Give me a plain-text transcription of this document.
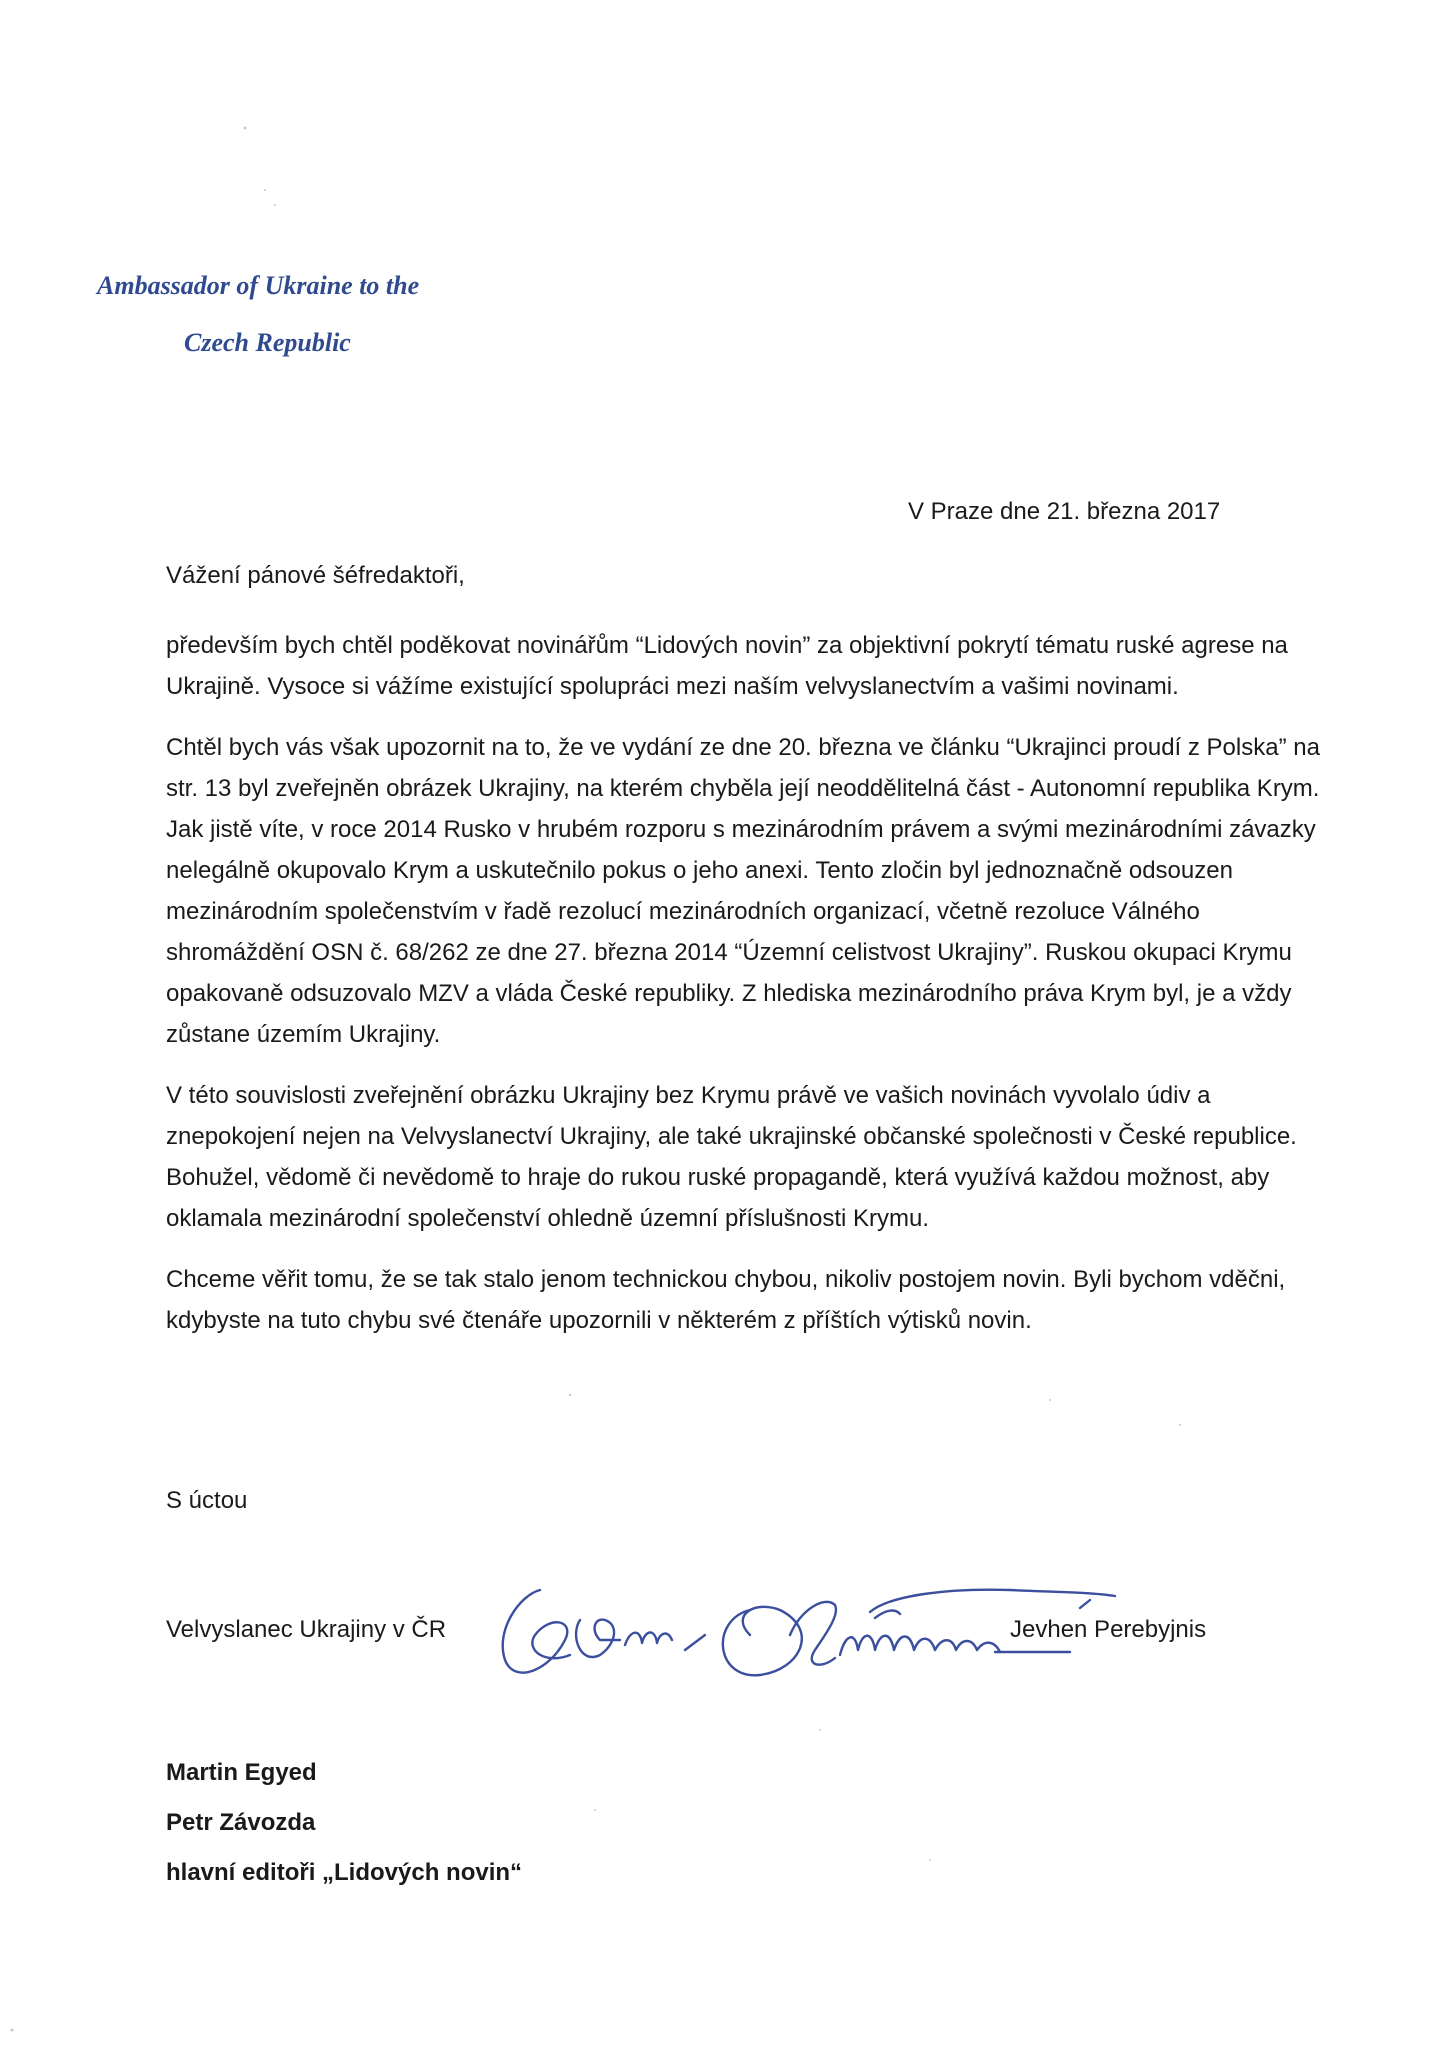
Ambassador of Ukraine to the
Czech Republic
V Praze dne 21. března 2017
Vážení pánové šéfredaktoři,

především bych chtěl poděkovat novinářům “Lidových novin” za objektivní pokrytí tématu ruské agrese na Ukrajině. Vysoce si vážíme existující spolupráci mezi naším velvyslanectvím a vašimi novinami.

Chtěl bych vás však upozornit na to, že ve vydání ze dne 20. března ve článku “Ukrajinci proudí z Polska” na str. 13 byl zveřejněn obrázek Ukrajiny, na kterém chyběla její neoddělitelná část - Autonomní republika Krym. Jak jistě víte, v roce 2014 Rusko v hrubém rozporu s mezinárodním právem a svými mezinárodními závazky nelegálně okupovalo Krym a uskutečnilo pokus o jeho anexi. Tento zločin byl jednoznačně odsouzen mezinárodním společenstvím v řadě rezolucí mezinárodních organizací, včetně rezoluce Válného shromáždění OSN č. 68/262 ze dne 27. března 2014 “Územní celistvost Ukrajiny”. Ruskou okupaci Krymu opakovaně odsuzovalo MZV a vláda České republiky. Z hlediska mezinárodního práva Krym byl, je a vždy zůstane územím Ukrajiny.

V této souvislosti zveřejnění obrázku Ukrajiny bez Krymu právě ve vašich novinách vyvolalo údiv a znepokojení nejen na Velvyslanectví Ukrajiny, ale také ukrajinské občanské společnosti v České republice. Bohužel, vědomě či nevědomě to hraje do rukou ruské propagandě, která využívá každou možnost, aby oklamala mezinárodní společenství ohledně územní příslušnosti Krymu.

Chceme věřit tomu, že se tak stalo jenom technickou chybou, nikoliv postojem novin. Byli bychom vděčni, kdybyste na tuto chybu své čtenáře upozornili v některém z příštích výtisků novin.

S úctou
Velvyslanec Ukrajiny v ČR	Jevhen Perebyjnis
Martin Egyed
Petr Závozda
hlavní editoři „Lidových novin“
